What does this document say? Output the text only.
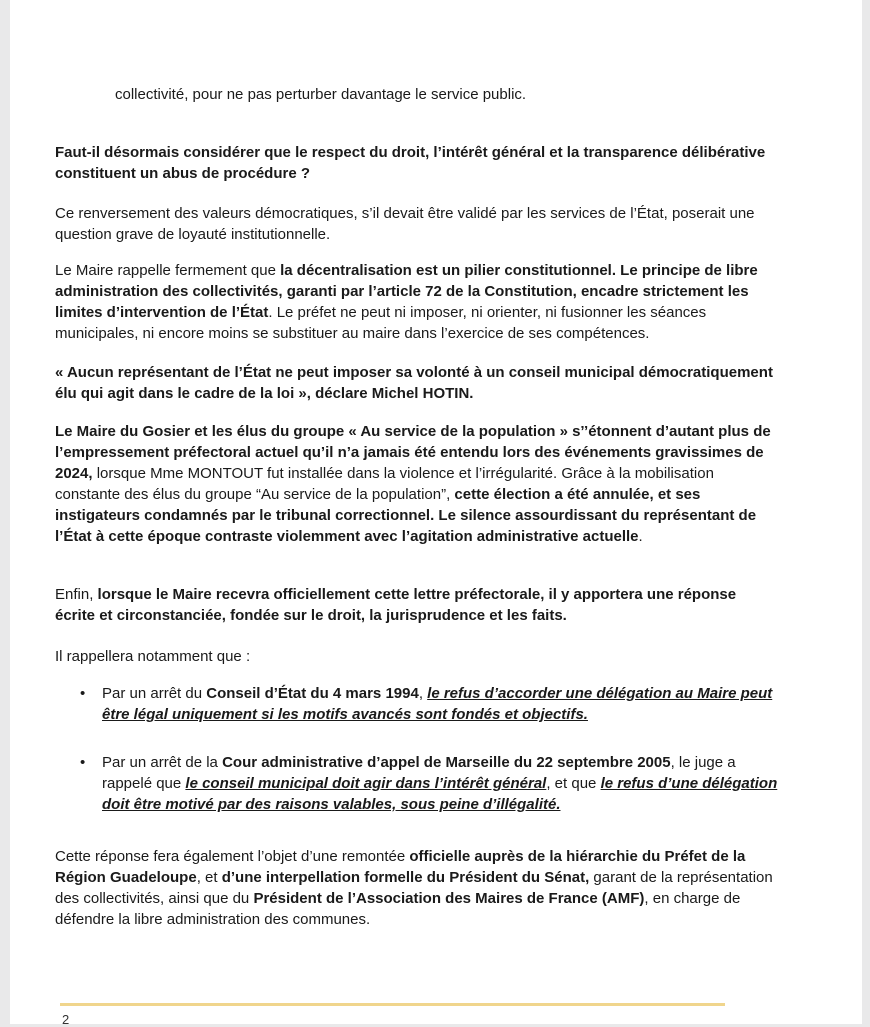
collectivité, pour ne pas perturber davantage le service public.

Faut-il désormais considérer que le respect du droit, l’intérêt général et la transparence délibérative constituent un abus de procédure ?

Ce renversement des valeurs démocratiques, s’il devait être validé par les services de l’État, poserait une question grave de loyauté institutionnelle.

Le Maire rappelle fermement que la décentralisation est un pilier constitutionnel. Le principe de libre administration des collectivités, garanti par l’article 72 de la Constitution, encadre strictement les limites d’intervention de l’État. Le préfet ne peut ni imposer, ni orienter, ni fusionner les séances municipales, ni encore moins se substituer au maire dans l’exercice de ses compétences.

« Aucun représentant de l’État ne peut imposer sa volonté à un conseil municipal démocratiquement élu qui agit dans le cadre de la loi », déclare Michel HOTIN.

Le Maire du Gosier et les élus du groupe « Au service de la population » s’’étonnent d’autant plus de l’empressement préfectoral actuel qu’il n’a jamais été entendu lors des événements gravissimes de 2024, lorsque Mme MONTOUT fut installée dans la violence et l’irrégularité. Grâce à la mobilisation constante des élus du groupe “Au service de la population”, cette élection a été annulée, et ses instigateurs condamnés par le tribunal correctionnel. Le silence assourdissant du représentant de l’État à cette époque contraste violemment avec l’agitation administrative actuelle.

Enfin, lorsque le Maire recevra officiellement cette lettre préfectorale, il y apportera une réponse écrite et circonstanciée, fondée sur le droit, la jurisprudence et les faits.

Il rappellera notamment que :

• Par un arrêt du Conseil d’État du 4 mars 1994, le refus d’accorder une délégation au Maire peut être légal uniquement si les motifs avancés sont fondés et objectifs.
• Par un arrêt de la Cour administrative d’appel de Marseille du 22 septembre 2005, le juge a rappelé que le conseil municipal doit agir dans l’intérêt général, et que le refus d’une délégation doit être motivé par des raisons valables, sous peine d’illégalité.

Cette réponse fera également l’objet d’une remontée officielle auprès de la hiérarchie du Préfet de la Région Guadeloupe, et d’une interpellation formelle du Président du Sénat, garant de la représentation des collectivités, ainsi que du Président de l’Association des Maires de France (AMF), en charge de défendre la libre administration des communes.

2
